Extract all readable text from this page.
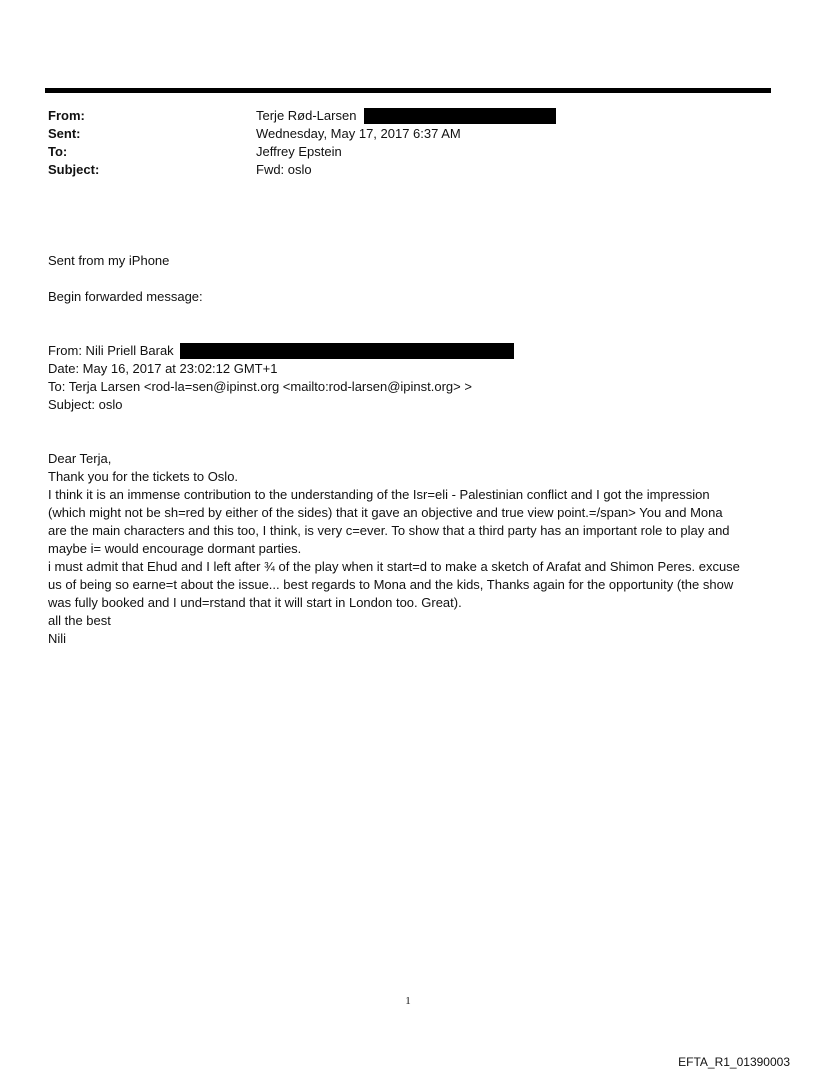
From:	Terje Rød-Larsen
Sent:	Wednesday, May 17, 2017 6:37 AM
To:	Jeffrey Epstein
Subject:	Fwd: oslo
Sent from my iPhone
Begin forwarded message:
From: Nili Priell Barak
Date: May 16, 2017 at 23:02:12 GMT+1
To: Terja Larsen <rod-la=sen@ipinst.org <mailto:rod-larsen@ipinst.org> >
Subject: oslo
Dear Terja,
Thank you for the tickets to Oslo.
I think it is an immense contribution to the understanding of the Isr=eli - Palestinian conflict and I got the impression
(which might not be sh=red by either of the sides) that it gave an objective and true view point.=/span> You and Mona
are the main characters and this too, I think, is very c=ever. To show that a third party has an important role to play and
maybe i= would encourage dormant parties.
i must admit that Ehud and I left after ¾ of the play when it start=d to make a sketch of Arafat and Shimon Peres. excuse
us of being so earne=t about the issue... best regards to Mona and the kids, Thanks again for the opportunity (the show
was fully booked and I und=rstand that it will start in London too. Great).
all the best
Nili
1
EFTA_R1_01390003
